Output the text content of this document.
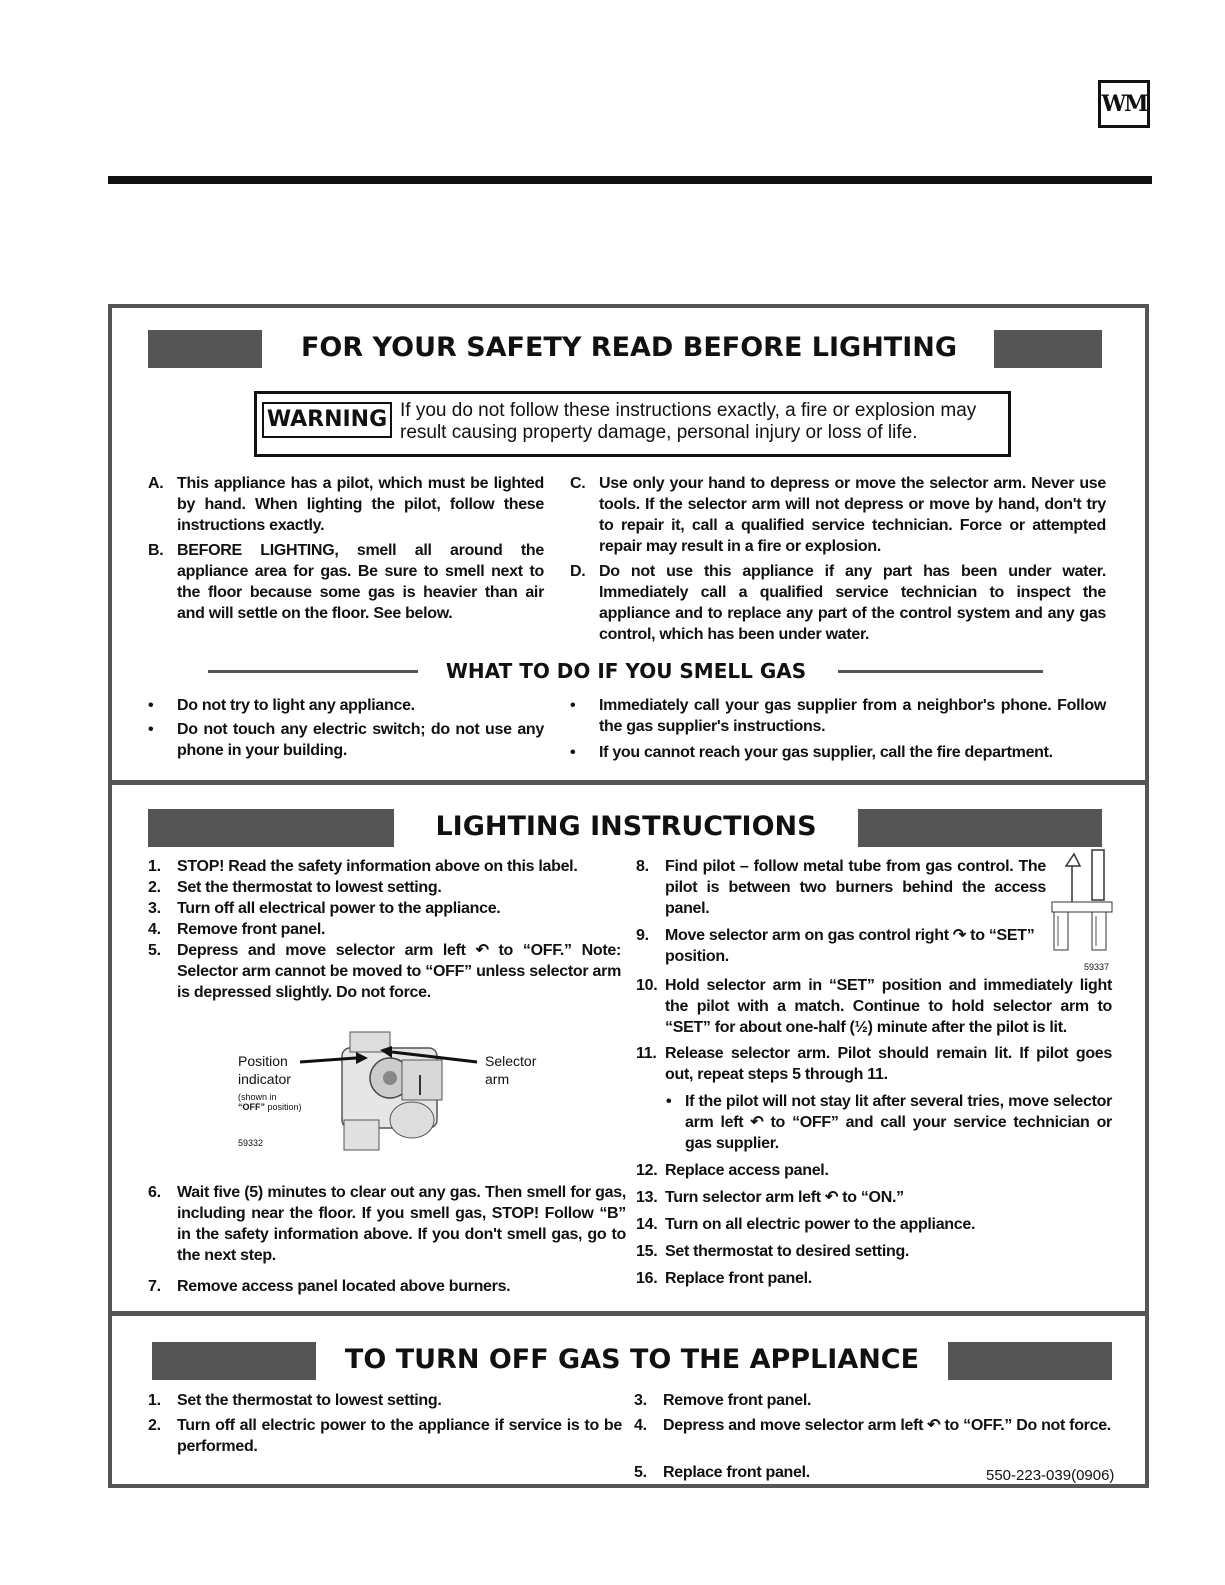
WM
FOR YOUR SAFETY READ BEFORE LIGHTING
WARNING If you do not follow these instructions exactly, a fire or explosion may result causing property damage, personal injury or loss of life.
A. This appliance has a pilot, which must be lighted by hand. When lighting the pilot, follow these instructions exactly.
B. BEFORE LIGHTING, smell all around the appliance area for gas. Be sure to smell next to the floor because some gas is heavier than air and will settle on the floor. See below.
C. Use only your hand to depress or move the selector arm. Never use tools. If the selector arm will not depress or move by hand, don't try to repair it, call a qualified service technician. Force or attempted repair may result in a fire or explosion.
D. Do not use this appliance if any part has been under water. Immediately call a qualified service technician to inspect the appliance and to replace any part of the control system and any gas control, which has been under water.
WHAT TO DO IF YOU SMELL GAS
• Do not try to light any appliance.
• Do not touch any electric switch; do not use any phone in your building.
• Immediately call your gas supplier from a neighbor's phone. Follow the gas supplier's instructions.
• If you cannot reach your gas supplier, call the fire department.
LIGHTING INSTRUCTIONS
1. STOP! Read the safety information above on this label.
2. Set the thermostat to lowest setting.
3. Turn off all electrical power to the appliance.
4. Remove front panel.
5. Depress and move selector arm left ↶ to “OFF.” Note: Selector arm cannot be moved to “OFF” unless selector arm is depressed slightly. Do not force.
Position indicator
(shown in
“OFF” position)
Selector arm
59332
6. Wait five (5) minutes to clear out any gas. Then smell for gas, including near the floor. If you smell gas, STOP! Follow “B” in the safety information above. If you don't smell gas, go to the next step.
7. Remove access panel located above burners.
8. Find pilot – follow metal tube from gas control. The pilot is between two burners behind the access panel.
9. Move selector arm on gas control right ↷ to “SET” position.
59337
10. Hold selector arm in “SET” position and immediately light the pilot with a match. Continue to hold selector arm to “SET” for about one-half (½) minute after the pilot is lit.
11. Release selector arm. Pilot should remain lit. If pilot goes out, repeat steps 5 through 11.
• If the pilot will not stay lit after several tries, move selector arm left ↶ to “OFF” and call your service technician or gas supplier.
12. Replace access panel.
13. Turn selector arm left ↶ to “ON.”
14. Turn on all electric power to the appliance.
15. Set thermostat to desired setting.
16. Replace front panel.
TO TURN OFF GAS TO THE APPLIANCE
1. Set the thermostat to lowest setting.
2. Turn off all electric power to the appliance if service is to be performed.
3. Remove front panel.
4. Depress and move selector arm left ↶ to “OFF.” Do not force.
5. Replace front panel.	550-223-039(0906)
